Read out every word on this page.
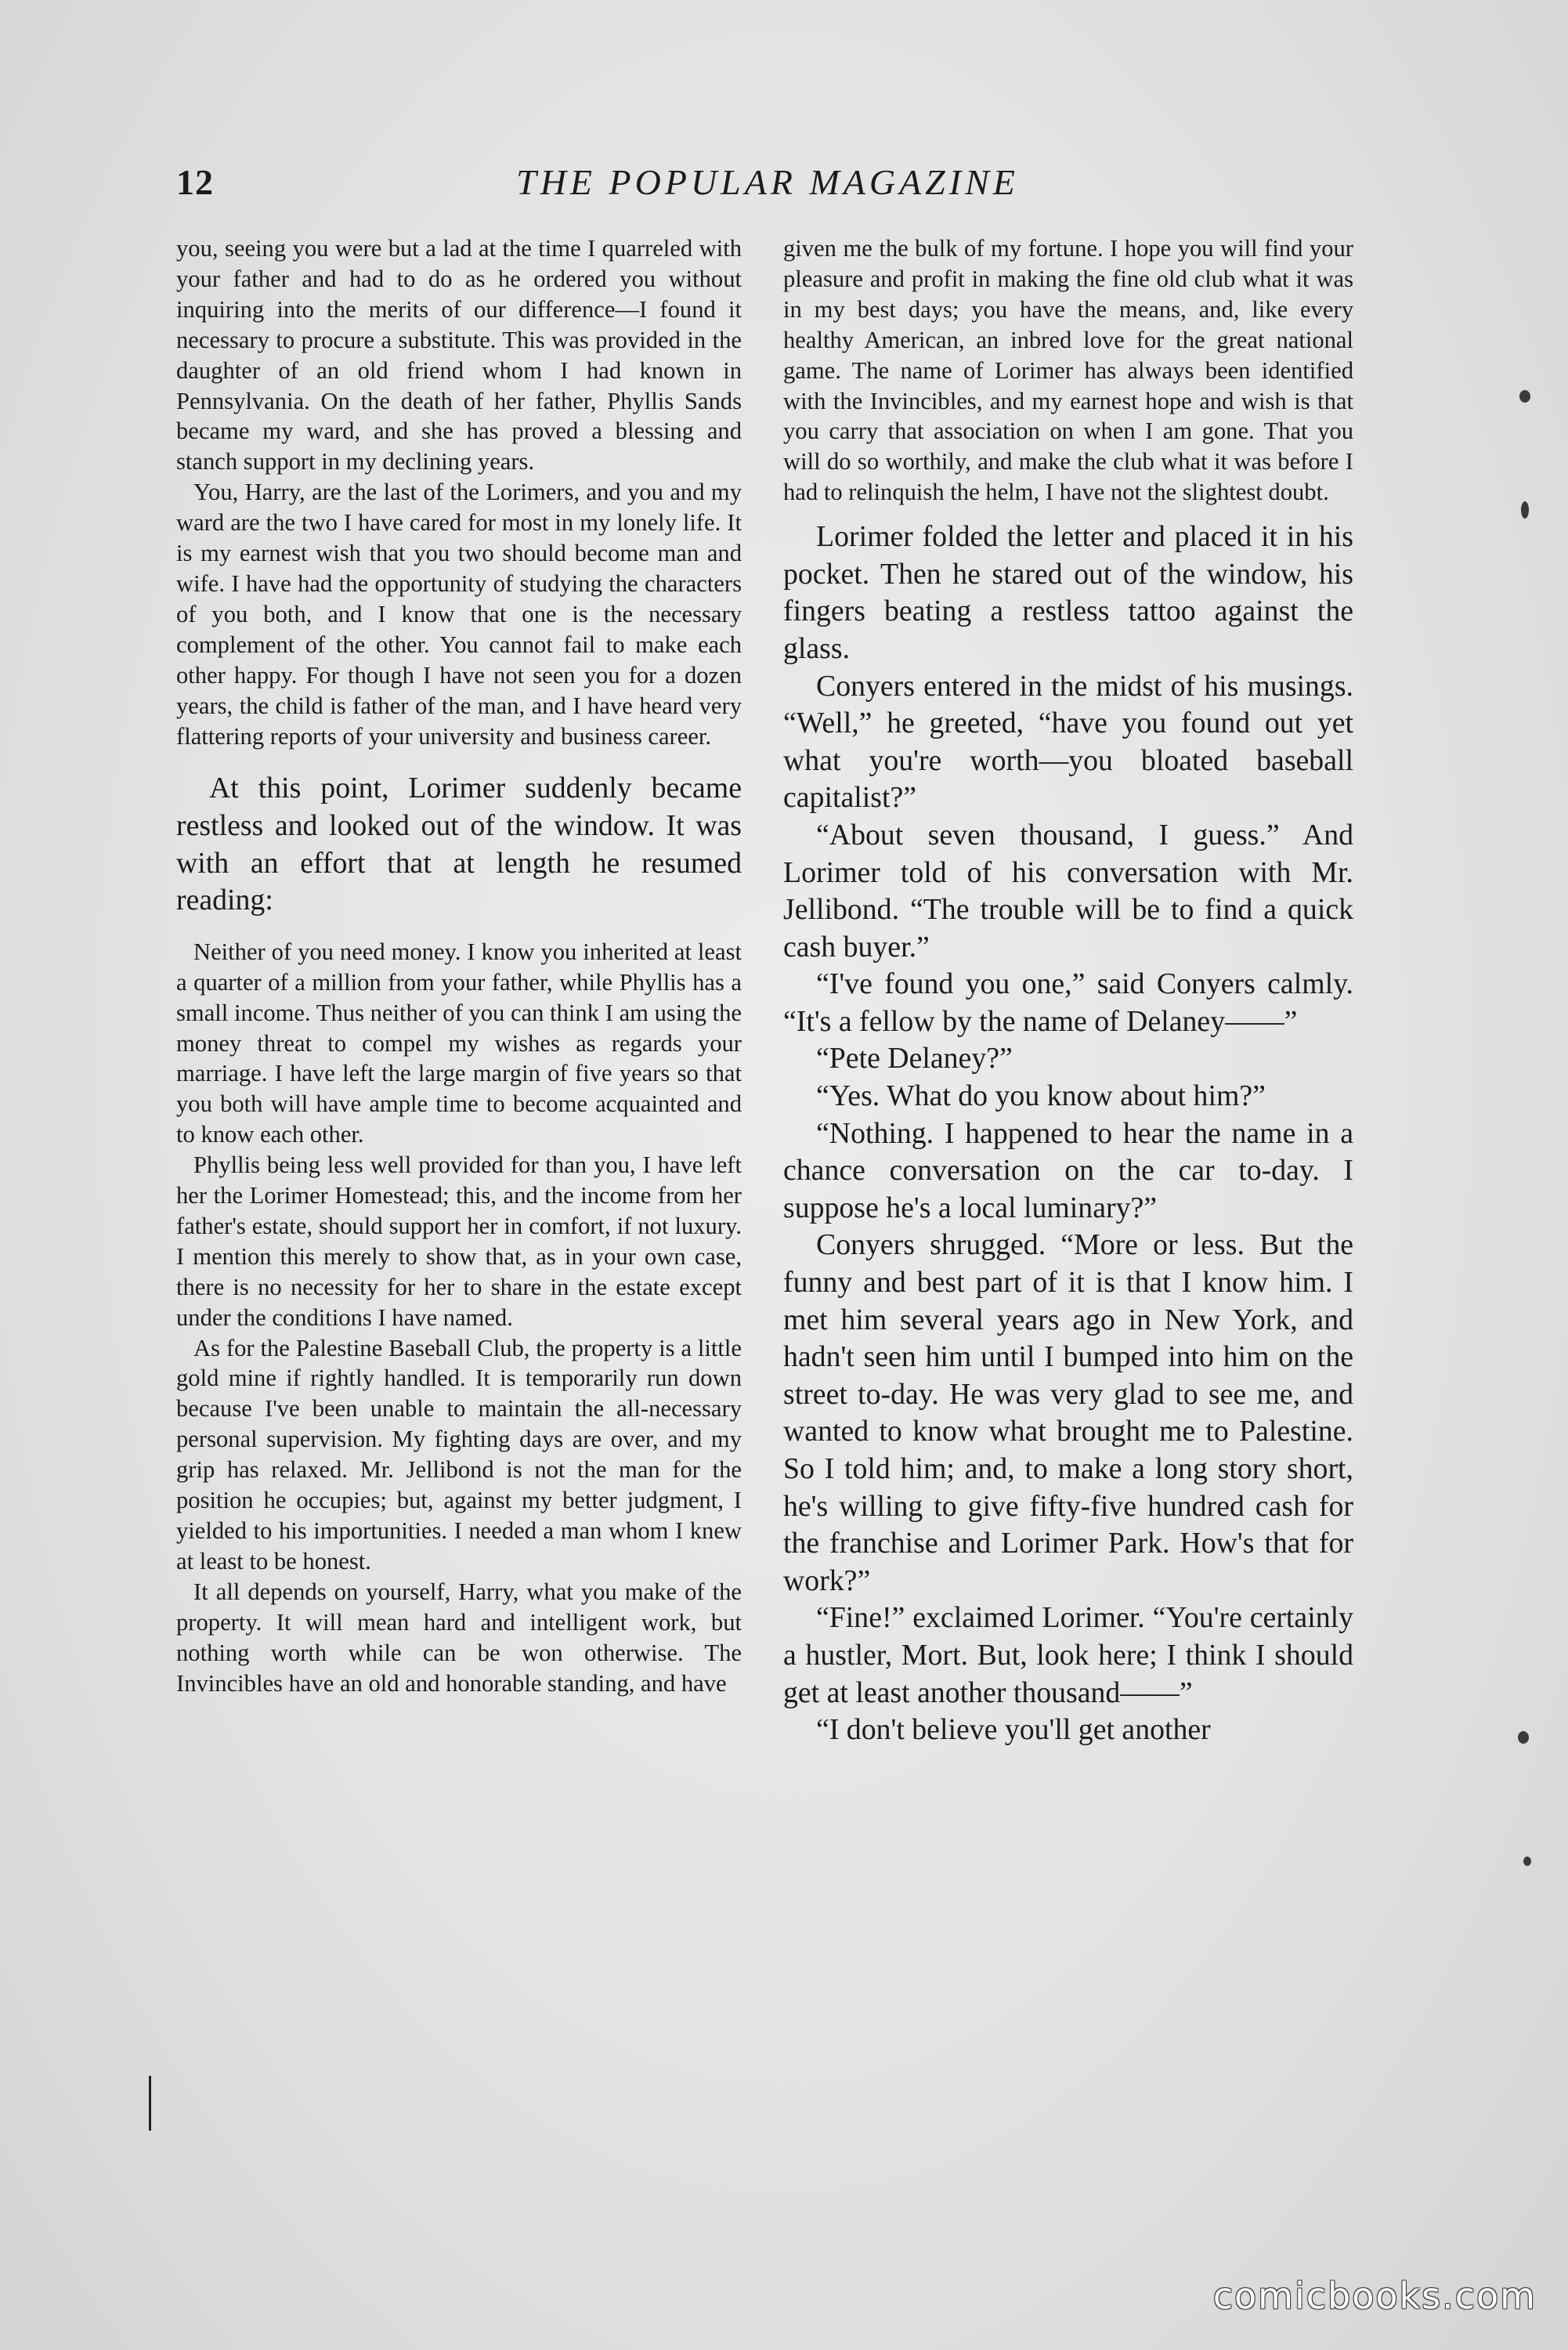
12	THE POPULAR MAGAZINE

you, seeing you were but a lad at the time I quarreled with your father and had to do as he ordered you without inquiring into the merits of our difference—I found it necessary to procure a substitute. This was provided in the daughter of an old friend whom I had known in Pennsylvania. On the death of her father, Phyllis Sands became my ward, and she has proved a blessing and stanch support in my declining years.

You, Harry, are the last of the Lorimers, and you and my ward are the two I have cared for most in my lonely life. It is my earnest wish that you two should become man and wife. I have had the opportunity of studying the characters of you both, and I know that one is the necessary complement of the other. You cannot fail to make each other happy. For though I have not seen you for a dozen years, the child is father of the man, and I have heard very flattering reports of your university and business career.

At this point, Lorimer suddenly became restless and looked out of the window. It was with an effort that at length he resumed reading:

Neither of you need money. I know you inherited at least a quarter of a million from your father, while Phyllis has a small income. Thus neither of you can think I am using the money threat to compel my wishes as regards your marriage. I have left the large margin of five years so that you both will have ample time to become acquainted and to know each other.

Phyllis being less well provided for than you, I have left her the Lorimer Homestead; this, and the income from her father's estate, should support her in comfort, if not luxury. I mention this merely to show that, as in your own case, there is no necessity for her to share in the estate except under the conditions I have named.

As for the Palestine Baseball Club, the property is a little gold mine if rightly handled. It is temporarily run down because I've been unable to maintain the all-necessary personal supervision. My fighting days are over, and my grip has relaxed. Mr. Jellibond is not the man for the position he occupies; but, against my better judgment, I yielded to his importunities. I needed a man whom I knew at least to be honest.

It all depends on yourself, Harry, what you make of the property. It will mean hard and intelligent work, but nothing worth while can be won otherwise. The Invincibles have an old and honorable standing, and have

given me the bulk of my fortune. I hope you will find your pleasure and profit in making the fine old club what it was in my best days; you have the means, and, like every healthy American, an inbred love for the great national game. The name of Lorimer has always been identified with the Invincibles, and my earnest hope and wish is that you carry that association on when I am gone. That you will do so worthily, and make the club what it was before I had to relinquish the helm, I have not the slightest doubt.

Lorimer folded the letter and placed it in his pocket. Then he stared out of the window, his fingers beating a restless tattoo against the glass.

Conyers entered in the midst of his musings. “Well,” he greeted, “have you found out yet what you're worth—you bloated baseball capitalist?”

“About seven thousand, I guess.” And Lorimer told of his conversation with Mr. Jellibond. “The trouble will be to find a quick cash buyer.”

“I've found you one,” said Conyers calmly. “It's a fellow by the name of Delaney——”

“Pete Delaney?”

“Yes. What do you know about him?”

“Nothing. I happened to hear the name in a chance conversation on the car to-day. I suppose he's a local luminary?”

Conyers shrugged. “More or less. But the funny and best part of it is that I know him. I met him several years ago in New York, and hadn't seen him until I bumped into him on the street to-day. He was very glad to see me, and wanted to know what brought me to Palestine. So I told him; and, to make a long story short, he's willing to give fifty-five hundred cash for the franchise and Lorimer Park. How's that for work?”

“Fine!” exclaimed Lorimer. “You're certainly a hustler, Mort. But, look here; I think I should get at least another thousand——”

“I don't believe you'll get another

comicbooks.com
